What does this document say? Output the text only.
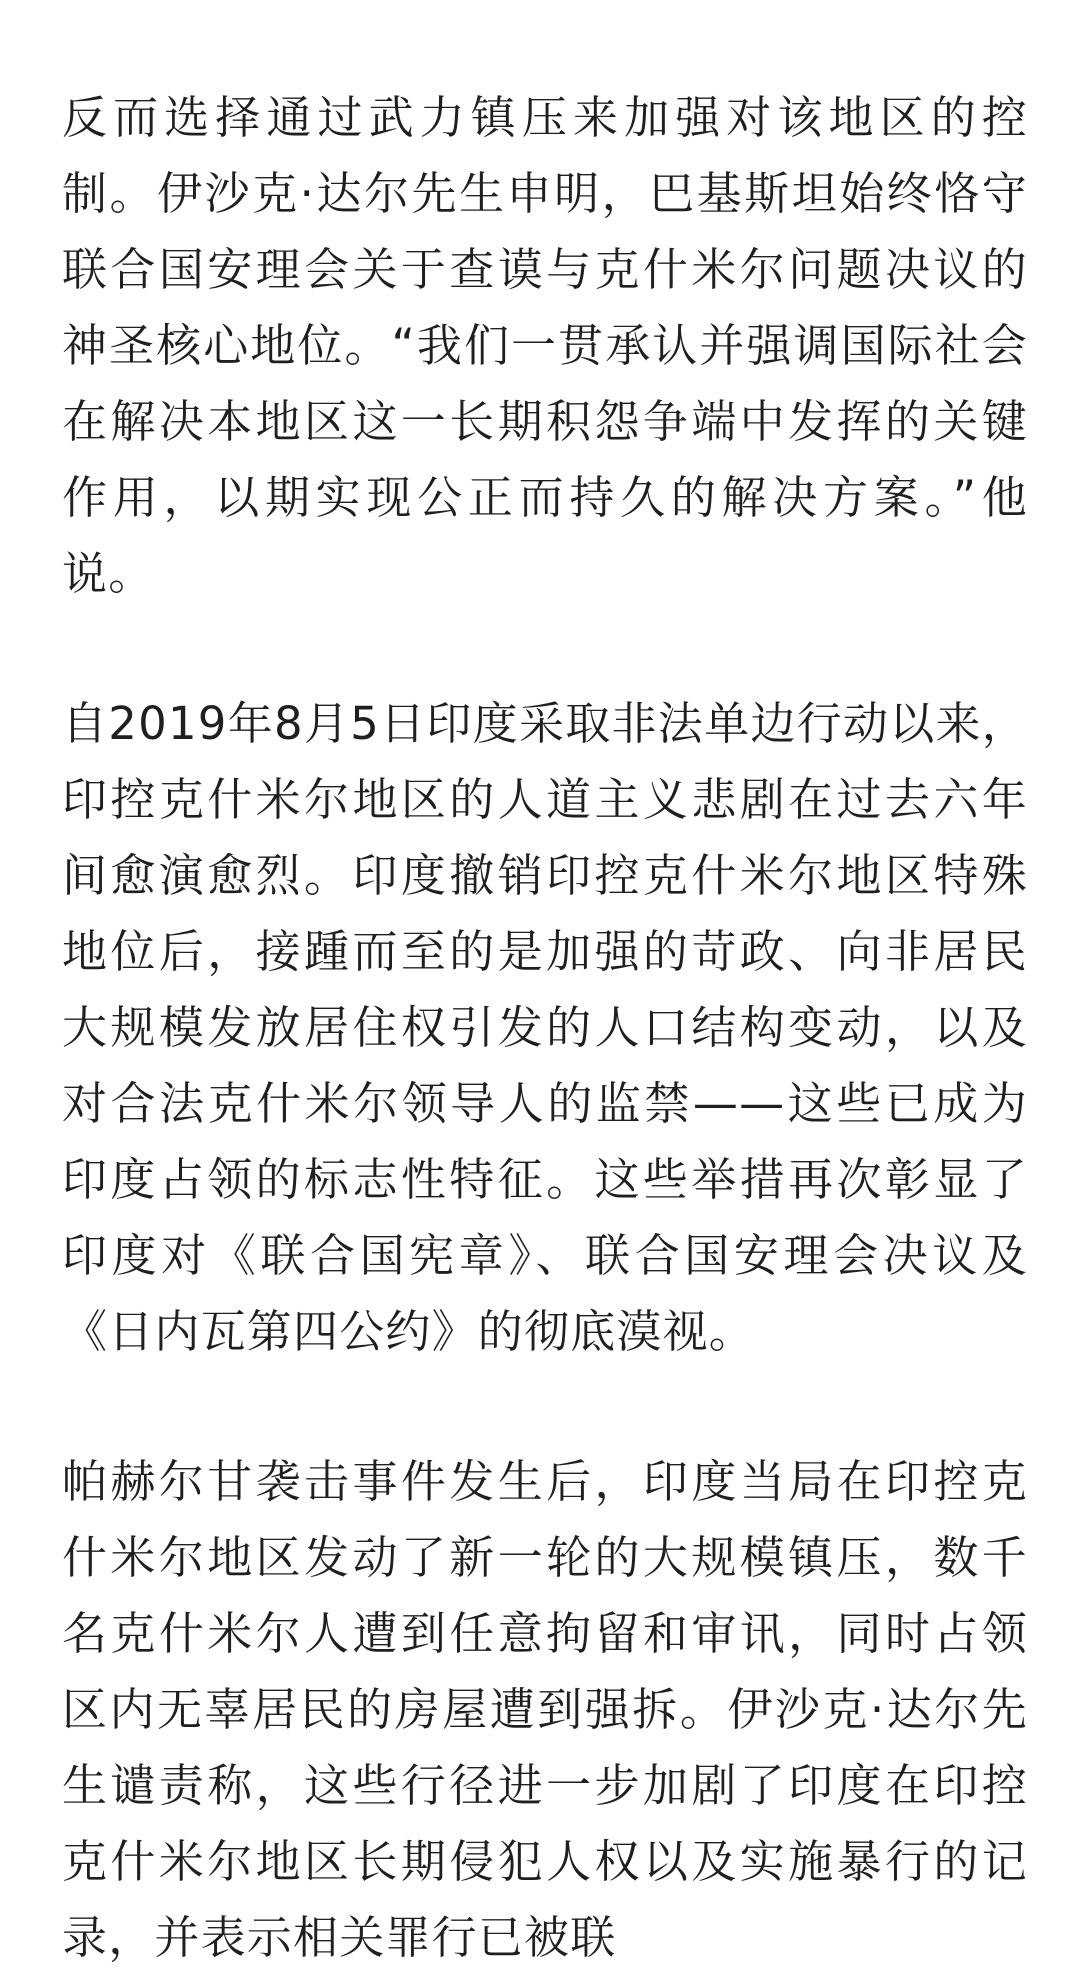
反而选择通过武力镇压来加强对该地区的控制。伊沙克·达尔先生申明，巴基斯坦始终恪守联合国安理会关于查谟与克什米尔问题决议的神圣核心地位。“我们一贯承认并强调国际社会在解决本地区这一长期积怨争端中发挥的关键作用，以期实现公正而持久的解决方案。”他说。

自2019年8月5日印度采取非法单边行动以来，印控克什米尔地区的人道主义悲剧在过去六年间愈演愈烈。印度撤销印控克什米尔地区特殊地位后，接踵而至的是加强的苛政、向非居民大规模发放居住权引发的人口结构变动，以及对合法克什米尔领导人的监禁——这些已成为印度占领的标志性特征。这些举措再次彰显了印度对《联合国宪章》、联合国安理会决议及《日内瓦第四公约》的彻底漠视。

帕赫尔甘袭击事件发生后，印度当局在印控克什米尔地区发动了新一轮的大规模镇压，数千名克什米尔人遭到任意拘留和审讯，同时占领区内无辜居民的房屋遭到强拆。伊沙克·达尔先生谴责称，这些行径进一步加剧了印度在印控克什米尔地区长期侵犯人权以及实施暴行的记录，并表示相关罪行已被联
